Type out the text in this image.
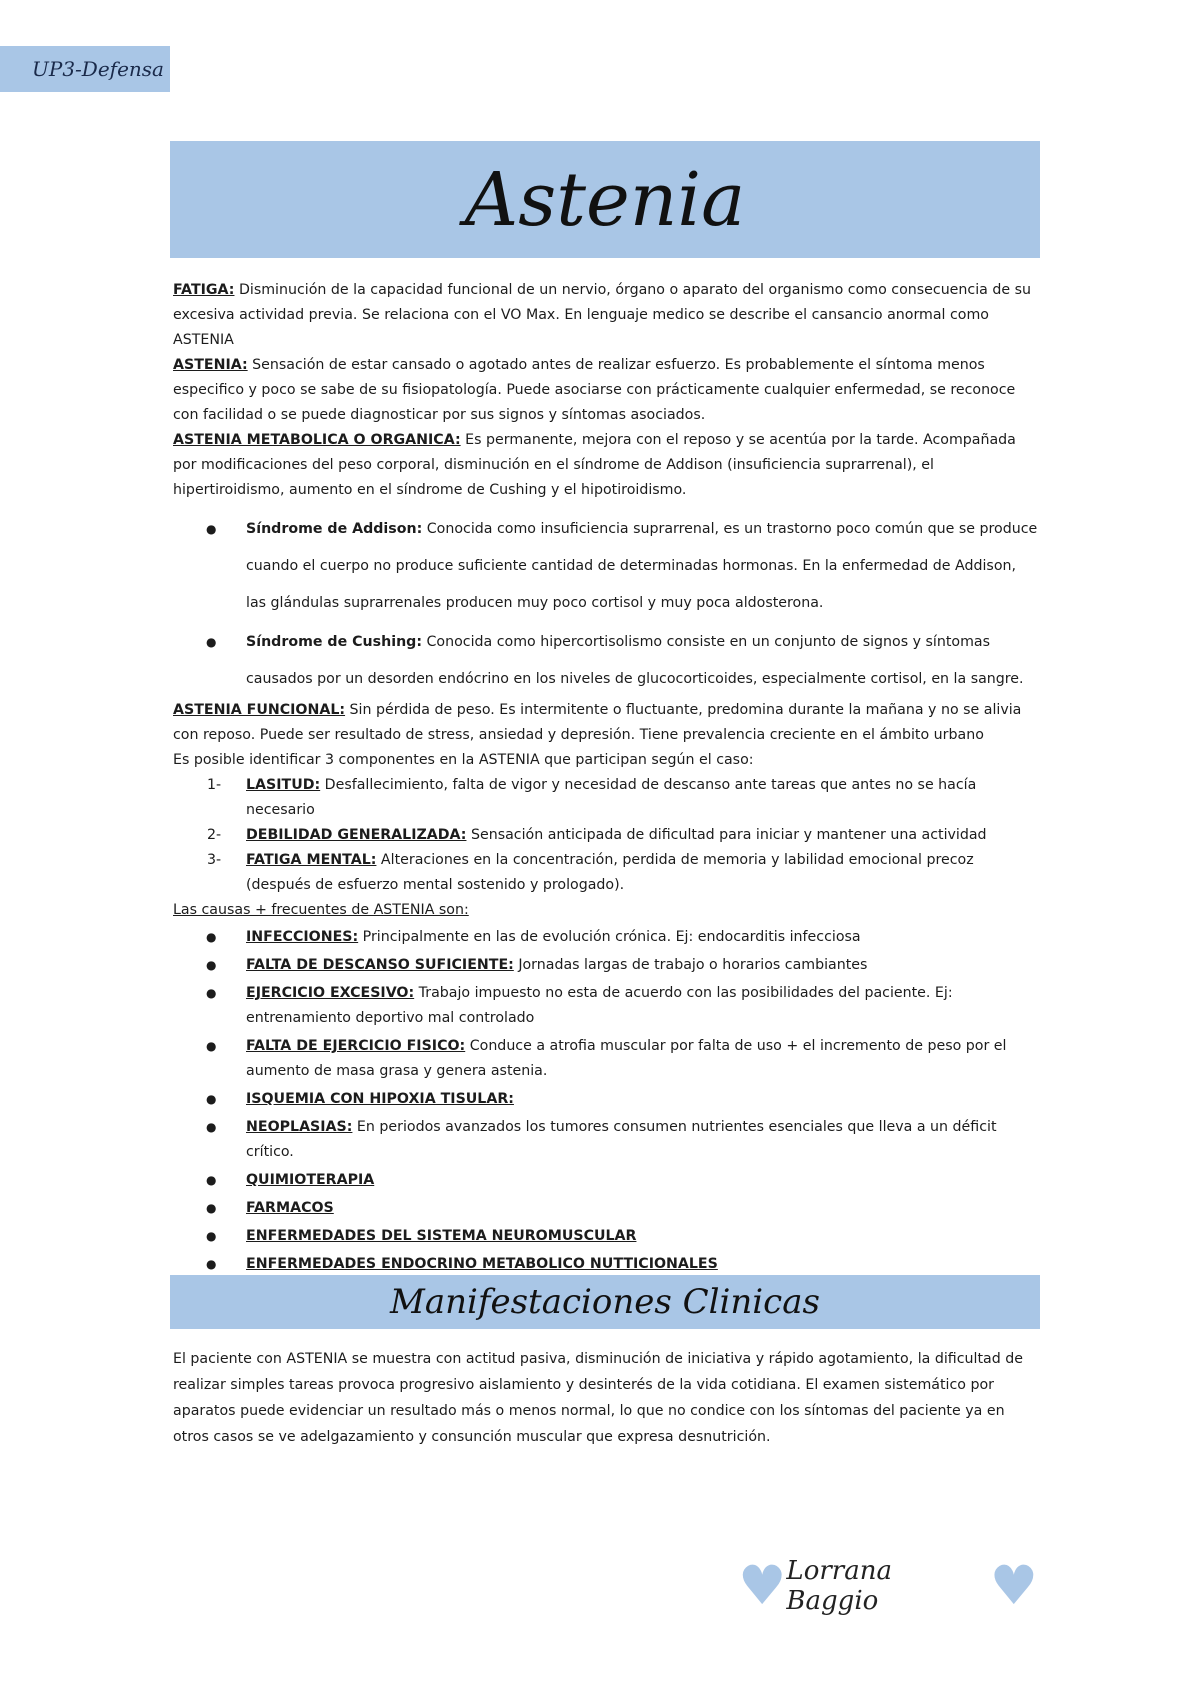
UP3-Defensa
Astenia

FATIGA: Disminución de la capacidad funcional de un nervio, órgano o aparato del organismo como consecuencia de su excesiva actividad previa. Se relaciona con el VO Max. En lenguaje medico se describe el cansancio anormal como ASTENIA

ASTENIA: Sensación de estar cansado o agotado antes de realizar esfuerzo. Es probablemente el síntoma menos especifico y poco se sabe de su fisiopatología. Puede asociarse con prácticamente cualquier enfermedad, se reconoce con facilidad o se puede diagnosticar por sus signos y síntomas asociados.

ASTENIA METABOLICA O ORGANICA: Es permanente, mejora con el reposo y se acentúa por la tarde. Acompañada por modificaciones del peso corporal, disminución en el síndrome de Addison (insuficiencia suprarrenal), el hipertiroidismo, aumento en el síndrome de Cushing y el hipotiroidismo.

● Síndrome de Addison: Conocida como insuficiencia suprarrenal, es un trastorno poco común que se produce cuando el cuerpo no produce suficiente cantidad de determinadas hormonas. En la enfermedad de Addison, las glándulas suprarrenales producen muy poco cortisol y muy poca aldosterona.
● Síndrome de Cushing: Conocida como hipercortisolismo consiste en un conjunto de signos y síntomas causados por un desorden endócrino en los niveles de glucocorticoides, especialmente cortisol, en la sangre.

ASTENIA FUNCIONAL: Sin pérdida de peso. Es intermitente o fluctuante, predomina durante la mañana y no se alivia con reposo. Puede ser resultado de stress, ansiedad y depresión. Tiene prevalencia creciente en el ámbito urbano

Es posible identificar 3 componentes en la ASTENIA que participan según el caso:

1- LASITUD: Desfallecimiento, falta de vigor y necesidad de descanso ante tareas que antes no se hacía necesario
2- DEBILIDAD GENERALIZADA: Sensación anticipada de dificultad para iniciar y mantener una actividad
3- FATIGA MENTAL: Alteraciones en la concentración, perdida de memoria y labilidad emocional precoz (después de esfuerzo mental sostenido y prologado).

Las causas + frecuentes de ASTENIA son:

● INFECCIONES: Principalmente en las de evolución crónica. Ej: endocarditis infecciosa
● FALTA DE DESCANSO SUFICIENTE: Jornadas largas de trabajo o horarios cambiantes
● EJERCICIO EXCESIVO: Trabajo impuesto no esta de acuerdo con las posibilidades del paciente. Ej: entrenamiento deportivo mal controlado
● FALTA DE EJERCICIO FISICO: Conduce a atrofia muscular por falta de uso + el incremento de peso por el aumento de masa grasa y genera astenia.
● ISQUEMIA CON HIPOXIA TISULAR:
● NEOPLASIAS: En periodos avanzados los tumores consumen nutrientes esenciales que lleva a un déficit crítico.
● QUIMIOTERAPIA
● FARMACOS
● ENFERMEDADES DEL SISTEMA NEUROMUSCULAR
● ENFERMEDADES ENDOCRINO METABOLICO NUTTICIONALES
Manifestaciones Clinicas

El paciente con ASTENIA se muestra con actitud pasiva, disminución de iniciativa y rápido agotamiento, la dificultad de realizar simples tareas provoca progresivo aislamiento y desinterés de la vida cotidiana. El examen sistemático por aparatos puede evidenciar un resultado más o menos normal, lo que no condice con los síntomas del paciente ya en otros casos se ve adelgazamiento y consunción muscular que expresa desnutrición.

♥ Lorrana Baggio	♥
